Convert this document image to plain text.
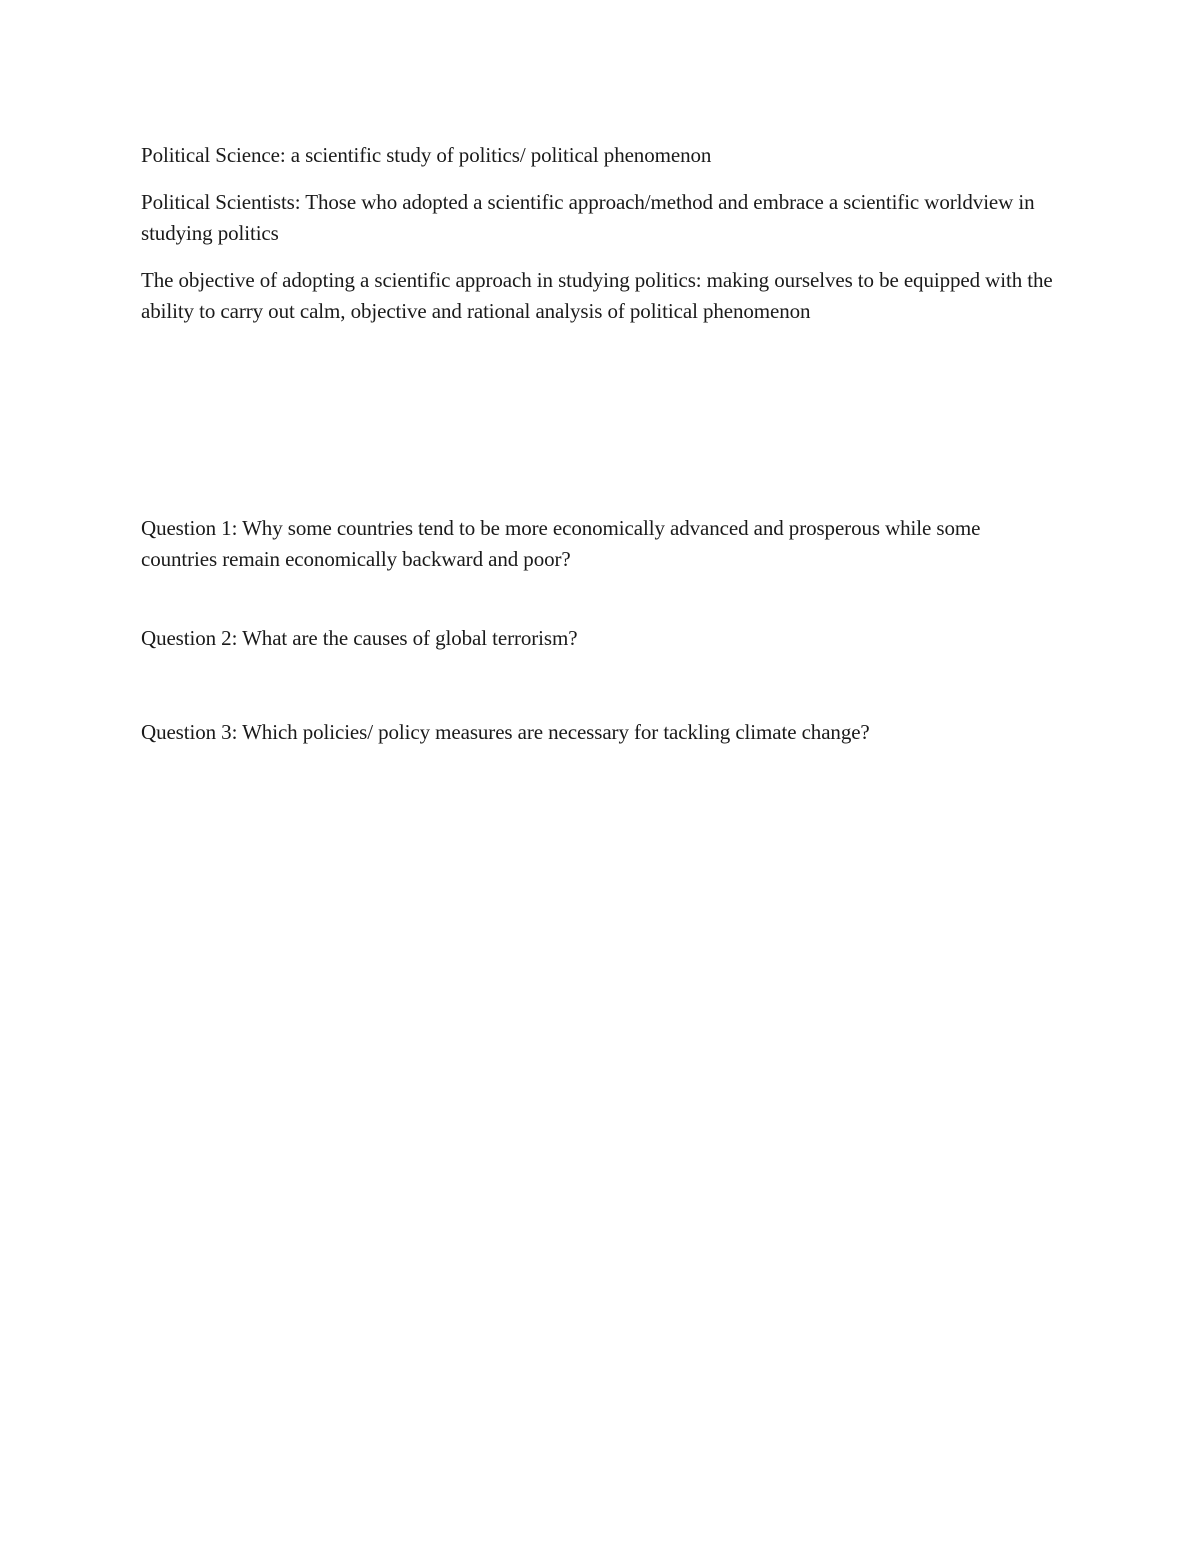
Political Science: a scientific study of politics/ political phenomenon

Political Scientists: Those who adopted a scientific approach/method and embrace a scientific worldview in studying politics

The objective of adopting a scientific approach in studying politics: making ourselves to be equipped with the ability to carry out calm, objective and rational analysis of political phenomenon

Question 1: Why some countries tend to be more economically advanced and prosperous while some countries remain economically backward and poor?

Question 2: What are the causes of global terrorism?

Question 3: Which policies/ policy measures are necessary for tackling climate change?
